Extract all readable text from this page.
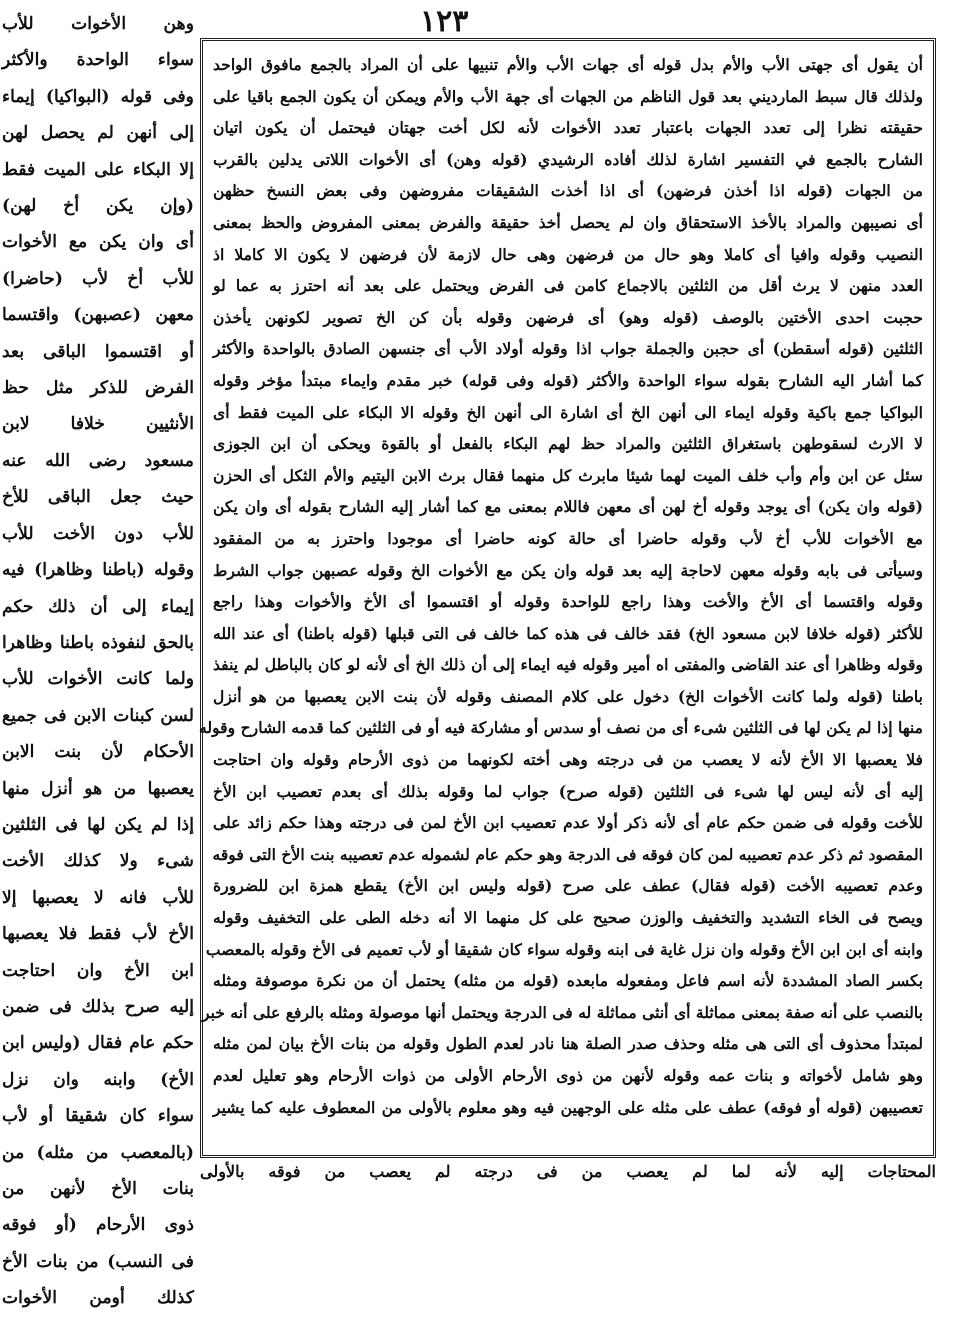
١٢٣
وهن الأخوات للأب
سواء الواحدة والأكثر
وفى قوله (البواكيا) إيماء
إلى أنهن لم يحصل لهن
إلا البكاء على الميت فقط
(وإن يكن أخ لهن)
أى وان يكن مع الأخوات
للأب أخ لأب (حاضرا)
معهن (عصبهن) واقتسما
أو اقتسموا الباقى بعد
الفرض للذكر مثل حظ
الأنثيين خلافا لابن
مسعود رضى الله عنه
حيث جعل الباقى للأخ
للأب دون الأخت للأب
وقوله (باطنا وظاهرا) فيه
إيماء إلى أن ذلك حكم
بالحق لنفوذه باطنا وظاهرا
ولما كانت الأخوات للأب
لسن كبنات الابن فى جميع
الأحكام لأن بنت الابن
يعصبها من هو أنزل منها
إذا لم يكن لها فى الثلثين
شىء ولا كذلك الأخت
للأب فانه لا يعصبها إلا
الأخ لأب فقط فلا يعصبها
ابن الأخ وان احتاجت
إليه صرح بذلك فى ضمن
حكم عام فقال (وليس ابن
الأخ) وابنه وان نزل
سواء كان شقيقا أو لأب
(بالمعصب من مثله) من
بنات الأخ لأنهن من
ذوى الأرحام (أو فوقه
فى النسب) من بنات الأخ
كذلك أومن الأخوات
أن يقول أى جهتى الأب والأم بدل قوله أى جهات الأب والأم تنبيها على أن المراد بالجمع مافوق الواحد
ولذلك قال سبط المارديني بعد قول الناظم من الجهات أى جهة الأب والأم ويمكن أن يكون الجمع باقيا على
حقيقته نظرا إلى تعدد الجهات باعتبار تعدد الأخوات لأنه لكل أخت جهتان فيحتمل أن يكون اتيان
الشارح بالجمع في التفسير اشارة لذلك أفاده الرشيدي (قوله وهن) أى الأخوات اللاتى يدلين بالقرب
من الجهات (قوله اذا أخذن فرضهن) أى اذا أخذت الشقيقات مفروضهن وفى بعض النسخ حظهن
أى نصيبهن والمراد بالأخذ الاستحقاق وان لم يحصل أخذ حقيقة والفرض بمعنى المفروض والحظ بمعنى
النصيب وقوله وافيا أى كاملا وهو حال من فرضهن وهى حال لازمة لأن فرضهن لا يكون الا كاملا اذ
العدد منهن لا يرث أقل من الثلثين بالاجماع كامن فى الفرض ويحتمل على بعد أنه احترز به عما لو
حجبت احدى الأختين بالوصف (قوله وهو) أى فرضهن وقوله بأن كن الخ تصوير لكونهن يأخذن
الثلثين (قوله أسقطن) أى حجبن والجملة جواب اذا وقوله أولاد الأب أى جنسهن الصادق بالواحدة والأكثر
كما أشار اليه الشارح بقوله سواء الواحدة والأكثر (قوله وفى قوله) خبر مقدم وايماء مبتدأ مؤخر وقوله
البواكيا جمع باكية وقوله ايماء الى أنهن الخ أى اشارة الى أنهن الخ وقوله الا البكاء على الميت فقط أى
لا الارث لسقوطهن باستغراق الثلثين والمراد حظ لهم البكاء بالفعل أو بالقوة ويحكى أن ابن الجوزى
سئل عن ابن وأم وأب خلف الميت لهما شيئا مابرث كل منهما فقال برث الابن اليتيم والأم الثكل أى الحزن
(قوله وان يكن) أى يوجد وقوله أخ لهن أى معهن فاللام بمعنى مع كما أشار إليه الشارح بقوله أى وان يكن
مع الأخوات للأب أخ لأب وقوله حاضرا أى حالة كونه حاضرا أى موجودا واحترز به من المفقود
وسيأتى فى بابه وقوله معهن لاحاجة إليه بعد قوله وان يكن مع الأخوات الخ وقوله عصبهن جواب الشرط
وقوله واقتسما أى الأخ والأخت وهذا راجع للواحدة وقوله أو اقتسموا أى الأخ والأخوات وهذا راجع
للأكثر (قوله خلافا لابن مسعود الخ) فقد خالف فى هذه كما خالف فى التى قبلها (قوله باطنا) أى عند الله
وقوله وظاهرا أى عند القاضى والمفتى اه أمير وقوله فيه ايماء إلى أن ذلك الخ أى لأنه لو كان بالباطل لم ينفذ
باطنا (قوله ولما كانت الأخوات الخ) دخول على كلام المصنف وقوله لأن بنت الابن يعصبها من هو أنزل
منها إذا لم يكن لها فى الثلثين شىء أى من نصف أو سدس أو مشاركة فيه أو فى الثلثين كما قدمه الشارح وقوله
فلا يعصبها الا الأخ لأنه لا يعصب من فى درجته وهى أخته لكونهما من ذوى الأرحام وقوله وان احتاجت
إليه أى لأنه ليس لها شىء فى الثلثين (قوله صرح) جواب لما وقوله بذلك أى بعدم تعصيب ابن الأخ
للأخت وقوله فى ضمن حكم عام أى لأنه ذكر أولا عدم تعصيب ابن الأخ لمن فى درجته وهذا حكم زائد على
المقصود ثم ذكر عدم تعصيبه لمن كان فوقه فى الدرجة وهو حكم عام لشموله عدم تعصيبه بنت الأخ التى فوقه
وعدم تعصيبه الأخت (قوله فقال) عطف على صرح (قوله وليس ابن الأخ) يقطع همزة ابن للضرورة
ويصح فى الخاء التشديد والتخفيف والوزن صحيح على كل منهما الا أنه دخله الطى على التخفيف وقوله
وابنه أى ابن ابن الأخ وقوله وان نزل غاية فى ابنه وقوله سواء كان شقيقا أو لأب تعميم فى الأخ وقوله بالمعصب
بكسر الصاد المشددة لأنه اسم فاعل ومفعوله مابعده (قوله من مثله) يحتمل أن من نكرة موصوفة ومثله
بالنصب على أنه صفة بمعنى مماثلة أى أنثى مماثلة له فى الدرجة ويحتمل أنها موصولة ومثله بالرفع على أنه خبر
لمبتدأ محذوف أى التى هى مثله وحذف صدر الصلة هنا نادر لعدم الطول وقوله من بنات الأخ بيان لمن مثله
وهو شامل لأخواته و بنات عمه وقوله لأنهن من ذوى الأرحام الأولى من ذوات الأرحام وهو تعليل لعدم
تعصيبهن (قوله أو فوقه) عطف على مثله على الوجهين فيه وهو معلوم بالأولى من المعطوف عليه كما يشير
المحتاجات إليه لأنه لما لم يعصب من فى درجته لم يعصب من فوقه بالأولى
